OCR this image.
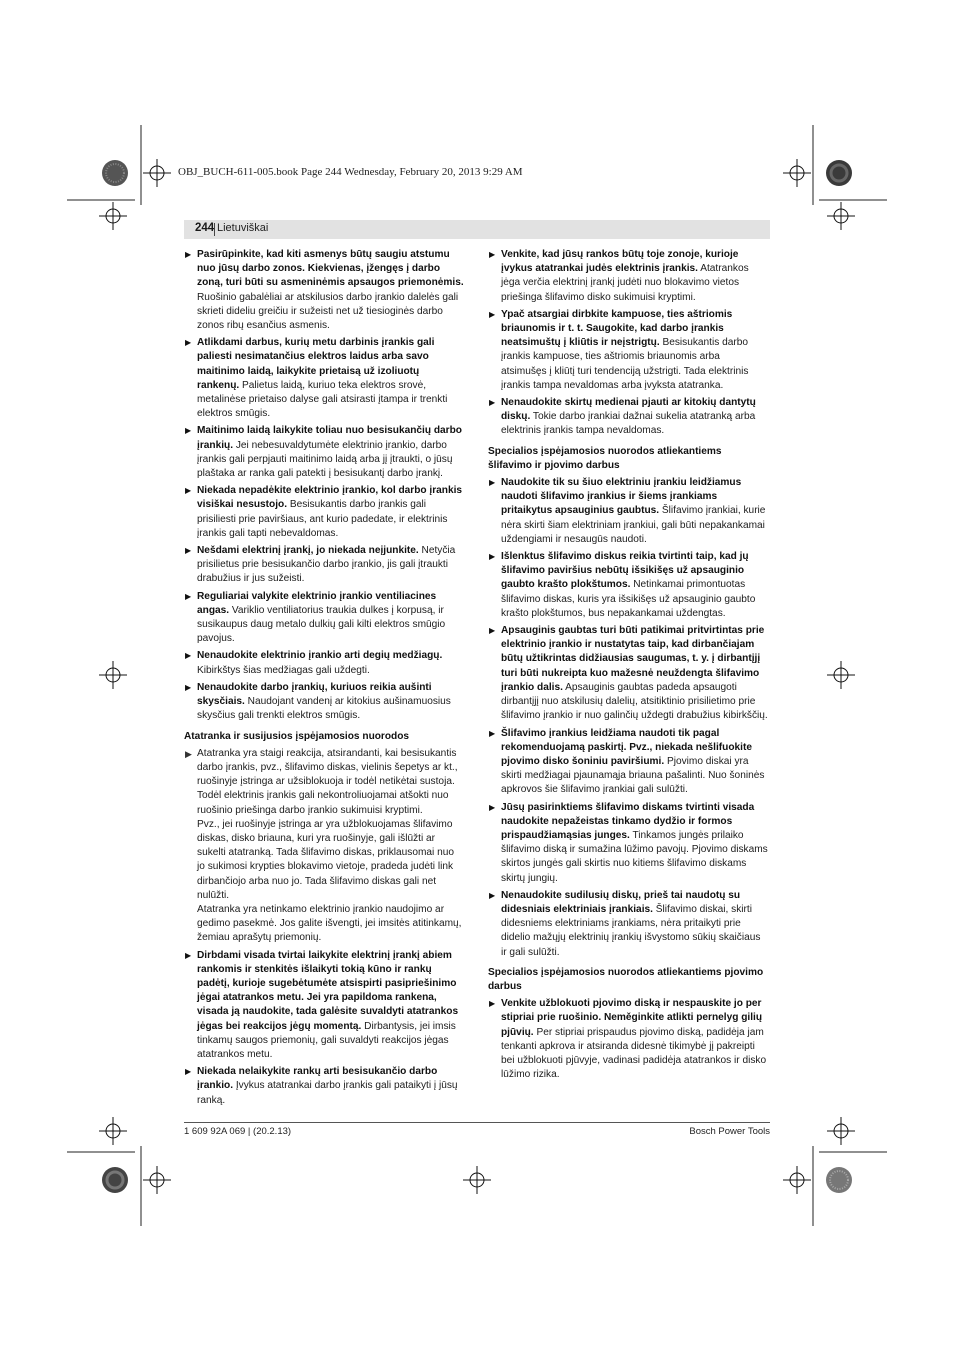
OBJ_BUCH-611-005.book Page 244 Wednesday, February 20, 2013 9:29 AM
244 Lietuviškai
▶ Pasirūpinkite, kad kiti asmenys būtų saugiu atstumu nuo jūsų darbo zonos. Kiekvienas, įžengęs į darbo zoną, turi būti su asmeninėmis apsaugos priemonėmis. Ruošinio gabalėliai ar atskilusios darbo įrankio dalelės gali skrieti dideliu greičiu ir sužeisti net už tiesioginės darbo zonos ribų esančius asmenis.
▶ Atlikdami darbus, kurių metu darbinis įrankis gali paliesti nesimatančius elektros laidus arba savo maitinimo laidą, laikykite prietaisą už izoliuotų rankenų. Palietus laidą, kuriuo teka elektros srovė, metalinėse prietaiso dalyse gali atsirasti įtampa ir trenkti elektros smūgis.
▶ Maitinimo laidą laikykite toliau nuo besisukančių darbo įrankių. Jei nebesuvaldytumėte elektrinio įrankio, darbo įrankis gali perpjauti maitinimo laidą arba jį įtraukti, o jūsų plaštaka ar ranka gali patekti į besisukantį darbo įrankį.
▶ Niekada nepadėkite elektrinio įrankio, kol darbo įrankis visiškai nesustojo. Besisukantis darbo įrankis gali prisiliesti prie paviršiaus, ant kurio padedate, ir elektrinis įrankis gali tapti nebevaldomas.
▶ Nešdami elektrinį įrankį, jo niekada neįjunkite. Netyčia prisilietus prie besisukančio darbo įrankio, jis gali įtraukti drabužius ir jus sužeisti.
▶ Reguliariai valykite elektrinio įrankio ventiliacines angas. Variklio ventiliatorius traukia dulkes į korpusą, ir susikaupus daug metalo dulkių gali kilti elektros smūgio pavojus.
▶ Nenaudokite elektrinio įrankio arti degių medžiagų. Kibirkštys šias medžiagas gali uždegti.
▶ Nenaudokite darbo įrankių, kuriuos reikia aušinti skysčiais. Naudojant vandenį ar kitokius aušinamuosius skysčius gali trenkti elektros smūgis.
Atatranka ir susijusios įspėjamosios nuorodos
▶ Atatranka yra staigi reakcija, atsirandanti, kai besisukantis darbo įrankis, pvz., šlifavimo diskas, vielinis šepetys ar kt., ruošinyje įstringa ar užsiblokuoja ir todėl netikėtai sustoja. Todėl elektrinis įrankis gali nekontroliuojamai atšokti nuo ruošinio priešinga darbo įrankio sukimuisi kryptimi.
Pvz., jei ruošinyje įstringa ar yra užblokuojamas šlifavimo diskas, disko briauna, kuri yra ruošinyje, gali išlūžti ar sukelti atatranką. Tada šlifavimo diskas, priklausomai nuo jo sukimosi krypties blokavimo vietoje, pradeda judėti link dirbančiojo arba nuo jo. Tada šlifavimo diskas gali net nulūžti.
Atatranka yra netinkamo elektrinio įrankio naudojimo ar gedimo pasekmė. Jos galite išvengti, jei imsitės atitinkamų, žemiau aprašytų priemonių.
▶ Dirbdami visada tvirtai laikykite elektrinį įrankį abiem rankomis ir stenkitės išlaikyti tokią kūno ir rankų padėtį, kurioje sugebėtumėte atsispirti pasipriešinimo jėgai atatrankos metu. Jei yra papildoma rankena, visada ją naudokite, tada galėsite suvaldyti atatrankos jėgas bei reakcijos jėgų momentą. Dirbantysis, jei imsis tinkamų saugos priemonių, gali suvaldyti reakcijos jėgas atatrankos metu.
▶ Niekada nelaikykite rankų arti besisukančio darbo įrankio. Įvykus atatrankai darbo įrankis gali pataikyti į jūsų ranką.
▶ Venkite, kad jūsų rankos būtų toje zonoje, kurioje įvykus atatrankai judės elektrinis įrankis. Atatrankos jėga verčia elektrinį įrankį judėti nuo blokavimo vietos priešinga šlifavimo disko sukimuisi kryptimi.
▶ Ypač atsargiai dirbkite kampuose, ties aštriomis briaunomis ir t. t. Saugokite, kad darbo įrankis neatsimuštų į kliūtis ir neįstrigtų. Besisukantis darbo įrankis kampuose, ties aštriomis briaunomis arba atsimušęs į kliūtį turi tendenciją užstrigti. Tada elektrinis įrankis tampa nevaldomas arba įvyksta atatranka.
▶ Nenaudokite skirtų medienai pjauti ar kitokių dantytų diskų. Tokie darbo įrankiai dažnai sukelia atatranką arba elektrinis įrankis tampa nevaldomas.
Specialios įspėjamosios nuorodos atliekantiems šlifavimo ir pjovimo darbus
▶ Naudokite tik su šiuo elektriniu įrankiu leidžiamus naudoti šlifavimo įrankius ir šiems įrankiams pritaikytus apsauginius gaubtus. Šlifavimo įrankiai, kurie nėra skirti šiam elektriniam įrankiui, gali būti nepakankamai uždengiami ir nesaugūs naudoti.
▶ Išlenktus šlifavimo diskus reikia tvirtinti taip, kad jų šlifavimo paviršius nebūtų išsikišęs už apsauginio gaubto krašto plokštumos. Netinkamai primontuotas šlifavimo diskas, kuris yra išsikišęs už apsauginio gaubto krašto plokštumos, bus nepakankamai uždengtas.
▶ Apsauginis gaubtas turi būti patikimai pritvirtintas prie elektrinio įrankio ir nustatytas taip, kad dirbančiajam būtų užtikrintas didžiausias saugumas, t. y. į dirbantįjį turi būti nukreipta kuo mažesnė neuždengta šlifavimo įrankio dalis. Apsauginis gaubtas padeda apsaugoti dirbantįjį nuo atskilusių dalelių, atsitiktinio prisilietimo prie šlifavimo įrankio ir nuo galinčių uždegti drabužius kibirkščių.
▶ Šlifavimo įrankius leidžiama naudoti tik pagal rekomenduojamą paskirtį. Pvz., niekada nešlifuokite pjovimo disko šoniniu paviršiumi. Pjovimo diskai yra skirti medžiagai pjaunamąja briauna pašalinti. Nuo šoninės apkrovos šie šlifavimo įrankiai gali sulūžti.
▶ Jūsų pasirinktiems šlifavimo diskams tvirtinti visada naudokite nepažeistas tinkamo dydžio ir formos prispaudžiamąsias junges. Tinkamos jungės prilaiko šlifavimo diską ir sumažina lūžimo pavojų. Pjovimo diskams skirtos jungės gali skirtis nuo kitiems šlifavimo diskams skirtų jungių.
▶ Nenaudokite sudilusių diskų, prieš tai naudotų su didesniais elektriniais įrankiais. Šlifavimo diskai, skirti didesniems elektriniams įrankiams, nėra pritaikyti prie didelio mažųjų elektrinių įrankių išvystomo sūkių skaičiaus ir gali sulūžti.
Specialios įspėjamosios nuorodos atliekantiems pjovimo darbus
▶ Venkite užblokuoti pjovimo diską ir nespauskite jo per stipriai prie ruošinio. Neměginkite atlikti pernelyg gilių pjūvių. Per stipriai prispaudus pjovimo diską, padidėja jam tenkanti apkrova ir atsiranda didesnė tikimybė jį pakreipti bei užblokuoti pjūvyje, vadinasi padidėja atatrankos ir disko lūžimo rizika.
1 609 92A 069 | (20.2.13)	Bosch Power Tools
